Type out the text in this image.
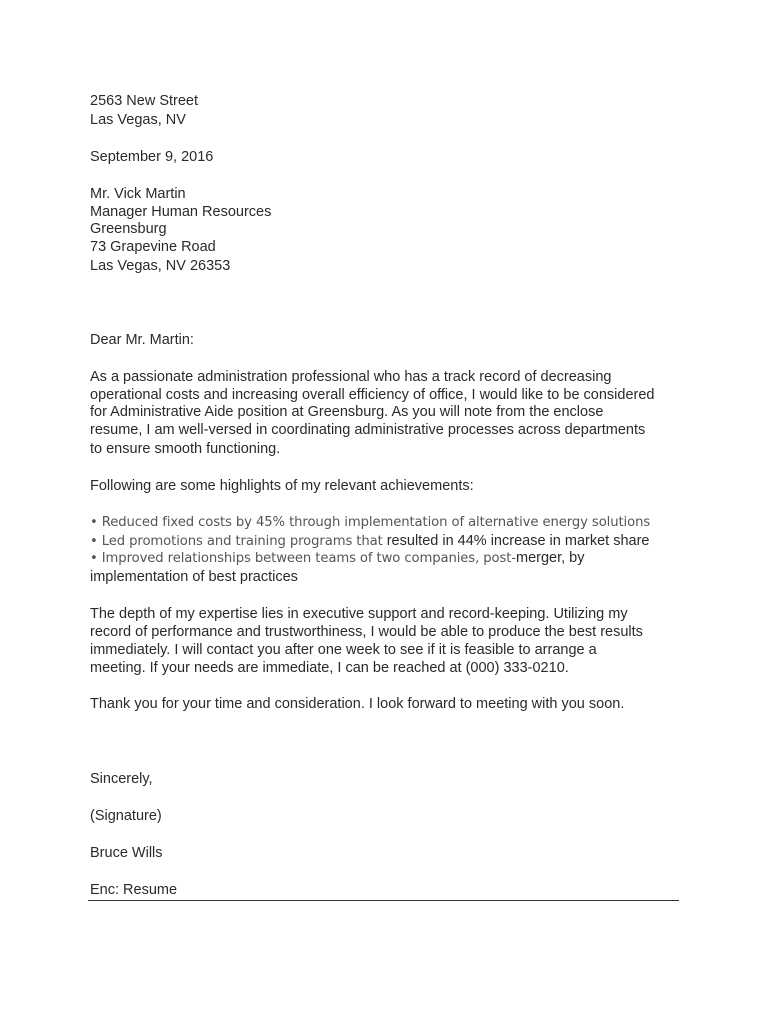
2563 New Street
Las Vegas, NV
September 9, 2016
Mr. Vick Martin
Manager Human Resources
Greensburg
73 Grapevine Road
Las Vegas, NV 26353
Dear Mr. Martin:
As a passionate administration professional who has a track record of decreasing
operational costs and increasing overall efficiency of office, I would like to be considered
for Administrative Aide position at Greensburg. As you will note from the enclose
resume, I am well-versed in coordinating administrative processes across departments
to ensure smooth functioning.
Following are some highlights of my relevant achievements:
• Reduced fixed costs by 45% through implementation of alternative energy solutions
• Led promotions and training programs that resulted in 44% increase in market share
• Improved relationships between teams of two companies, post-merger, by
implementation of best practices
The depth of my expertise lies in executive support and record-keeping. Utilizing my
record of performance and trustworthiness, I would be able to produce the best results
immediately. I will contact you after one week to see if it is feasible to arrange a
meeting. If your needs are immediate, I can be reached at (000) 333-0210.
Thank you for your time and consideration. I look forward to meeting with you soon.
Sincerely,
(Signature)
Bruce Wills
Enc: Resume
